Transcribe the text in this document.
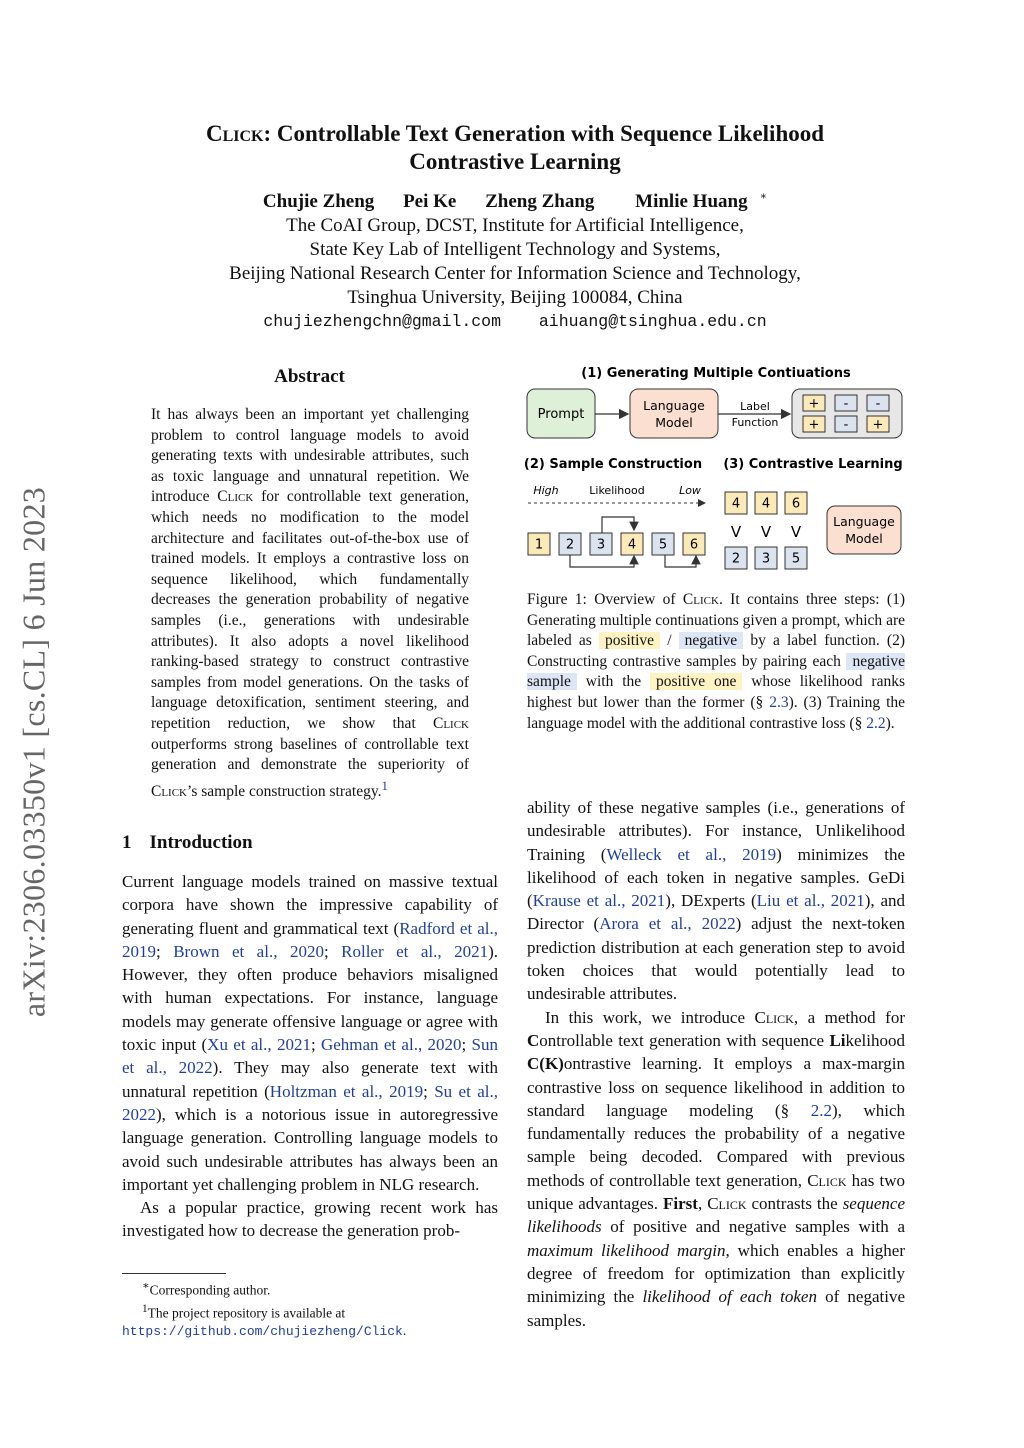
arXiv:2306.03350v1 [cs.CL] 6 Jun 2023
Click: Controllable Text Generation with Sequence Likelihood
Contrastive Learning
Chujie Zheng Pei Ke Zheng Zhang Minlie Huang ∗
The CoAI Group, DCST, Institute for Artificial Intelligence,
State Key Lab of Intelligent Technology and Systems,
Beijing National Research Center for Information Science and Technology,
Tsinghua University, Beijing 100084, China
chujiezhengchn@gmail.com aihuang@tsinghua.edu.cn
Abstract
It has always been an important yet challenging problem to control language models to avoid generating texts with undesirable attributes, such as toxic language and unnatural repetition. We introduce Click for controllable text generation, which needs no modification to the model architecture and facilitates out-of-the-box use of trained models. It employs a contrastive loss on sequence likelihood, which fundamentally decreases the generation probability of negative samples (i.e., generations with undesirable attributes). It also adopts a novel likelihood ranking-based strategy to construct contrastive samples from model generations. On the tasks of language detoxification, sentiment steering, and repetition reduction, we show that Click outperforms strong baselines of controllable text generation and demonstrate the superiority of Click’s sample construction strategy.$^1$
1 Introduction

Current language models trained on massive textual corpora have shown the impressive capability of generating fluent and grammatical text (Radford et al., 2019; Brown et al., 2020; Roller et al., 2021). However, they often produce behaviors misaligned with human expectations. For instance, language models may generate offensive language or agree with toxic input (Xu et al., 2021; Gehman et al., 2020; Sun et al., 2022). They may also generate text with unnatural repetition (Holtzman et al., 2019; Su et al., 2022), which is a notorious issue in autoregressive language generation. Controlling language models to avoid such undesirable attributes has always been an important yet challenging problem in NLG research.

As a popular practice, growing recent work has investigated how to decrease the generation prob-

∗Corresponding author.
$^1$The project repository is available at https://github.com/chujiezheng/Click.
(1) Generating Multiple Contiuations
Prompt
Language
Model
Label
Function
+ - -
+ - +
(2) Sample Construction
High	Likelihood	Low
1 2 3 4 5 6
(3) Contrastive Learning
4 4 6
2 3 5
V V V
Language
Model
Figure 1: Overview of Click. It contains three steps: (1) Generating multiple continuations given a prompt, which are labeled as positive / negative by a label function. (2) Constructing contrastive samples by pairing each negative sample with the positive one whose likelihood ranks highest but lower than the former (§ 2.3). (3) Training the language model with the additional contrastive loss (§ 2.2).

ability of these negative samples (i.e., generations of undesirable attributes). For instance, Unlikelihood Training (Welleck et al., 2019) minimizes the likelihood of each token in negative samples. GeDi (Krause et al., 2021), DExperts (Liu et al., 2021), and Director (Arora et al., 2022) adjust the next-token prediction distribution at each generation step to avoid token choices that would potentially lead to undesirable attributes.

In this work, we introduce Click, a method for Controllable text generation with sequence Likelihood C(K)ontrastive learning. It employs a max-margin contrastive loss on sequence likelihood in addition to standard language modeling (§ 2.2), which fundamentally reduces the probability of a negative sample being decoded. Compared with previous methods of controllable text generation, Click has two unique advantages. First, Click contrasts the sequence likelihoods of positive and negative samples with a maximum likelihood margin, which enables a higher degree of freedom for optimization than explicitly minimizing the likelihood of each token of negative samples.
